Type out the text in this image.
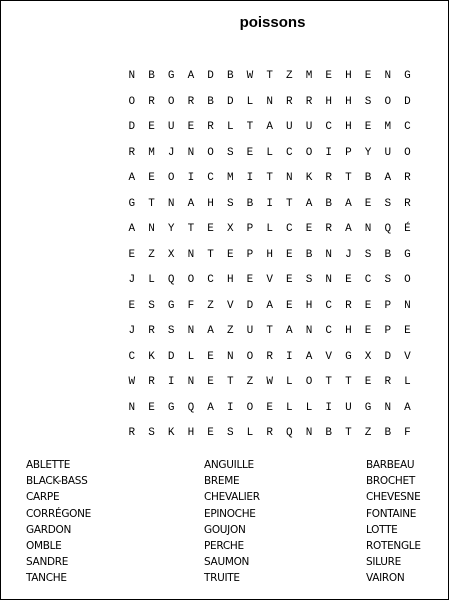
poissons
N	B	G	A	D	B	W	T	Z	M	E	H	E	N	G
O	R	O	R	B	D	L	N	R	R	H	H	S	O	D
D	E	U	E	R	L	T	A	U	U	C	H	E	M	C
R	M	J	N	O	S	E	L	C	O	I	P	Y	U	O
A	E	O	I	C	M	I	T	N	K	R	T	B	A	R
G	T	N	A	H	S	B	I	T	A	B	A	E	S	R
A	N	Y	T	E	X	P	L	C	E	R	A	N	Q	É
E	Z	X	N	T	E	P	H	E	B	N	J	S	B	G
J	L	Q	O	C	H	E	V	E	S	N	E	C	S	O
E	S	G	F	Z	V	D	A	E	H	C	R	E	P	N
J	R	S	N	A	Z	U	T	A	N	C	H	E	P	E
C	K	D	L	E	N	O	R	I	A	V	G	X	D	V
W	R	I	N	E	T	Z	W	L	O	T	T	E	R	L
N	E	G	Q	A	I	O	E	L	L	I	U	G	N	A
R	S	K	H	E	S	L	R	Q	N	B	T	Z	B	F
ABLETTE
BLACK-BASS
CARPE
CORRÉGONE
GARDON
OMBLE
SANDRE
TANCHE
ANGUILLE
BREME
CHEVALIER
EPINOCHE
GOUJON
PERCHE
SAUMON
TRUITE
BARBEAU
BROCHET
CHEVESNE
FONTAINE
LOTTE
ROTENGLE
SILURE
VAIRON
